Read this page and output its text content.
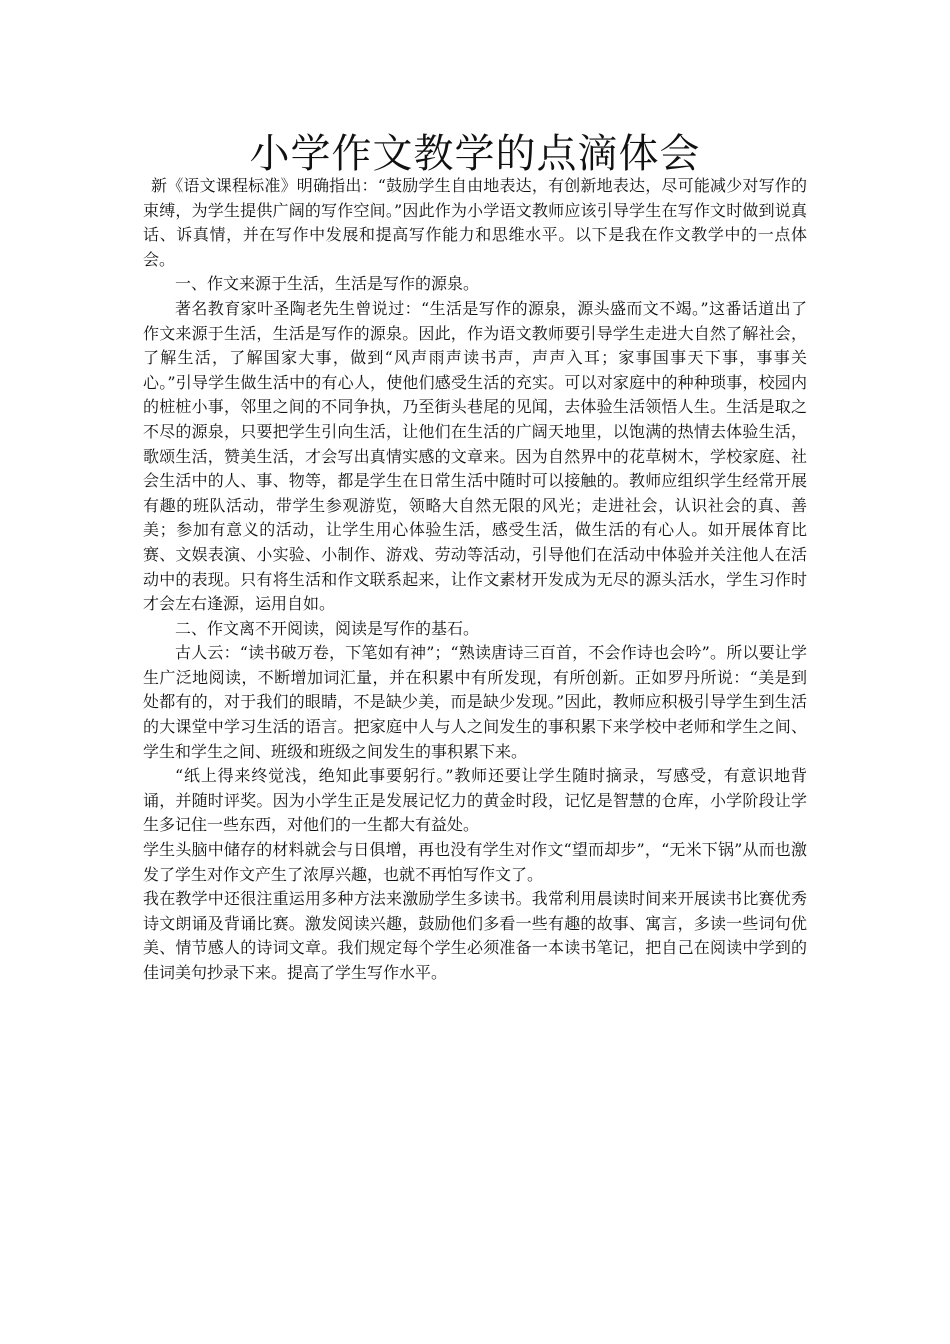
小学作文教学的点滴体会

新《语文课程标准》明确指出：“鼓励学生自由地表达，有创新地表达，尽可能减少对写作的束缚，为学生提供广阔的写作空间。”因此作为小学语文教师应该引导学生在写作文时做到说真话、诉真情，并在写作中发展和提高写作能力和思维水平。以下是我在作文教学中的一点体会。

一、作文来源于生活，生活是写作的源泉。

著名教育家叶圣陶老先生曾说过：“生活是写作的源泉，源头盛而文不竭。”这番话道出了作文来源于生活，生活是写作的源泉。因此，作为语文教师要引导学生走进大自然了解社会，了解生活，了解国家大事，做到“风声雨声读书声，声声入耳；家事国事天下事，事事关心。”引导学生做生活中的有心人，使他们感受生活的充实。可以对家庭中的种种琐事，校园内的桩桩小事，邻里之间的不同争执，乃至街头巷尾的见闻，去体验生活领悟人生。生活是取之不尽的源泉，只要把学生引向生活，让他们在生活的广阔天地里，以饱满的热情去体验生活，歌颂生活，赞美生活，才会写出真情实感的文章来。因为自然界中的花草树木，学校家庭、社会生活中的人、事、物等，都是学生在日常生活中随时可以接触的。教师应组织学生经常开展有趣的班队活动，带学生参观游览，领略大自然无限的风光；走进社会，认识社会的真、善美；参加有意义的活动，让学生用心体验生活，感受生活，做生活的有心人。如开展体育比赛、文娱表演、小实验、小制作、游戏、劳动等活动，引导他们在活动中体验并关注他人在活动中的表现。只有将生活和作文联系起来，让作文素材开发成为无尽的源头活水，学生习作时才会左右逢源，运用自如。

二、作文离不开阅读，阅读是写作的基石。

古人云：“读书破万卷，下笔如有神”；“熟读唐诗三百首，不会作诗也会吟”。所以要让学生广泛地阅读，不断增加词汇量，并在积累中有所发现，有所创新。正如罗丹所说：“美是到处都有的，对于我们的眼睛，不是缺少美，而是缺少发现。”因此，教师应积极引导学生到生活的大课堂中学习生活的语言。把家庭中人与人之间发生的事积累下来学校中老师和学生之间、学生和学生之间、班级和班级之间发生的事积累下来。

“纸上得来终觉浅，绝知此事要躬行。”教师还要让学生随时摘录，写感受，有意识地背诵，并随时评奖。因为小学生正是发展记忆力的黄金时段，记忆是智慧的仓库，小学阶段让学生多记住一些东西，对他们的一生都大有益处。

学生头脑中储存的材料就会与日俱增，再也没有学生对作文“望而却步”，“无米下锅”从而也激发了学生对作文产生了浓厚兴趣，也就不再怕写作文了。

我在教学中还很注重运用多种方法来激励学生多读书。我常利用晨读时间来开展读书比赛优秀诗文朗诵及背诵比赛。激发阅读兴趣，鼓励他们多看一些有趣的故事、寓言，多读一些词句优美、情节感人的诗词文章。我们规定每个学生必须准备一本读书笔记，把自己在阅读中学到的佳词美句抄录下来。提高了学生写作水平。
